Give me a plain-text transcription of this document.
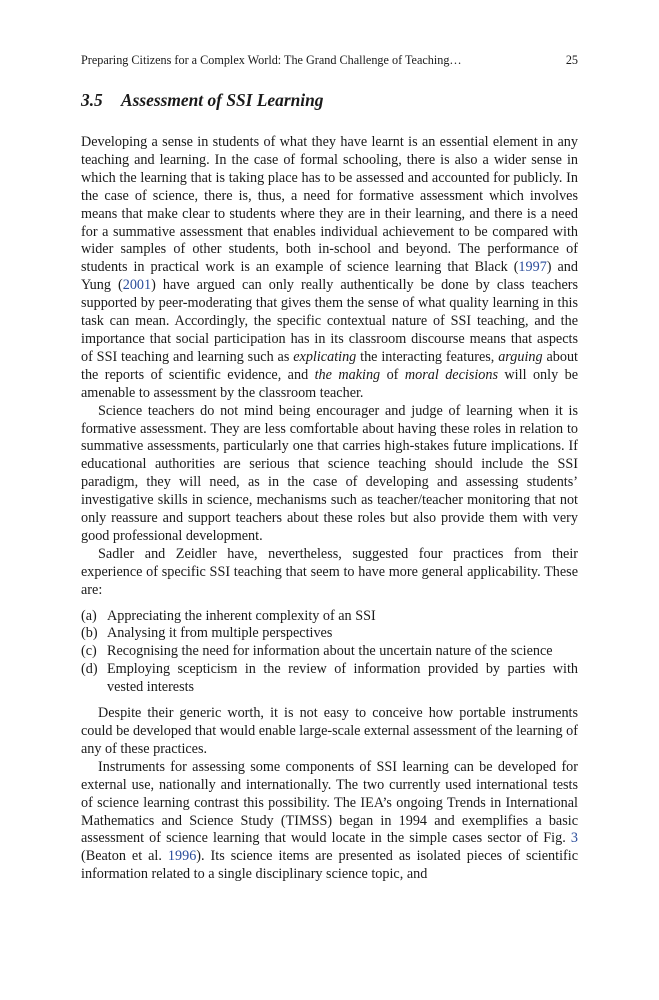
Preparing Citizens for a Complex World: The Grand Challenge of Teaching…	25
3.5 Assessment of SSI Learning

Developing a sense in students of what they have learnt is an essential element in any teaching and learning. In the case of formal schooling, there is also a wider sense in which the learning that is taking place has to be assessed and accounted for publicly. In the case of science, there is, thus, a need for formative assessment which involves means that make clear to students where they are in their learning, and there is a need for a summative assessment that enables individual achievement to be compared with wider samples of other students, both in-school and beyond. The performance of students in practical work is an example of science learning that Black (1997) and Yung (2001) have argued can only really authentically be done by class teachers supported by peer-moderating that gives them the sense of what quality learning in this task can mean. Accordingly, the specific contextual nature of SSI teaching, and the importance that social participation has in its classroom discourse means that aspects of SSI teaching and learning such as explicating the interacting features, arguing about the reports of scientific evidence, and the making of moral decisions will only be amenable to assessment by the classroom teacher.

Science teachers do not mind being encourager and judge of learning when it is formative assessment. They are less comfortable about having these roles in relation to summative assessments, particularly one that carries high-stakes future implications. If educational authorities are serious that science teaching should include the SSI paradigm, they will need, as in the case of developing and assessing students’ investigative skills in science, mechanisms such as teacher/teacher monitoring that not only reassure and support teachers about these roles but also provide them with very good professional development.

Sadler and Zeidler have, nevertheless, suggested four practices from their experience of specific SSI teaching that seem to have more general applicability. These are:

(a) Appreciating the inherent complexity of an SSI
(b) Analysing it from multiple perspectives
(c) Recognising the need for information about the uncertain nature of the science
(d) Employing scepticism in the review of information provided by parties with vested interests

Despite their generic worth, it is not easy to conceive how portable instruments could be developed that would enable large-scale external assessment of the learning of any of these practices.

Instruments for assessing some components of SSI learning can be developed for external use, nationally and internationally. The two currently used international tests of science learning contrast this possibility. The IEA’s ongoing Trends in International Mathematics and Science Study (TIMSS) began in 1994 and exemplifies a basic assessment of science learning that would locate in the simple cases sector of Fig. 3 (Beaton et al. 1996). Its science items are presented as isolated pieces of scientific information related to a single disciplinary science topic, and
